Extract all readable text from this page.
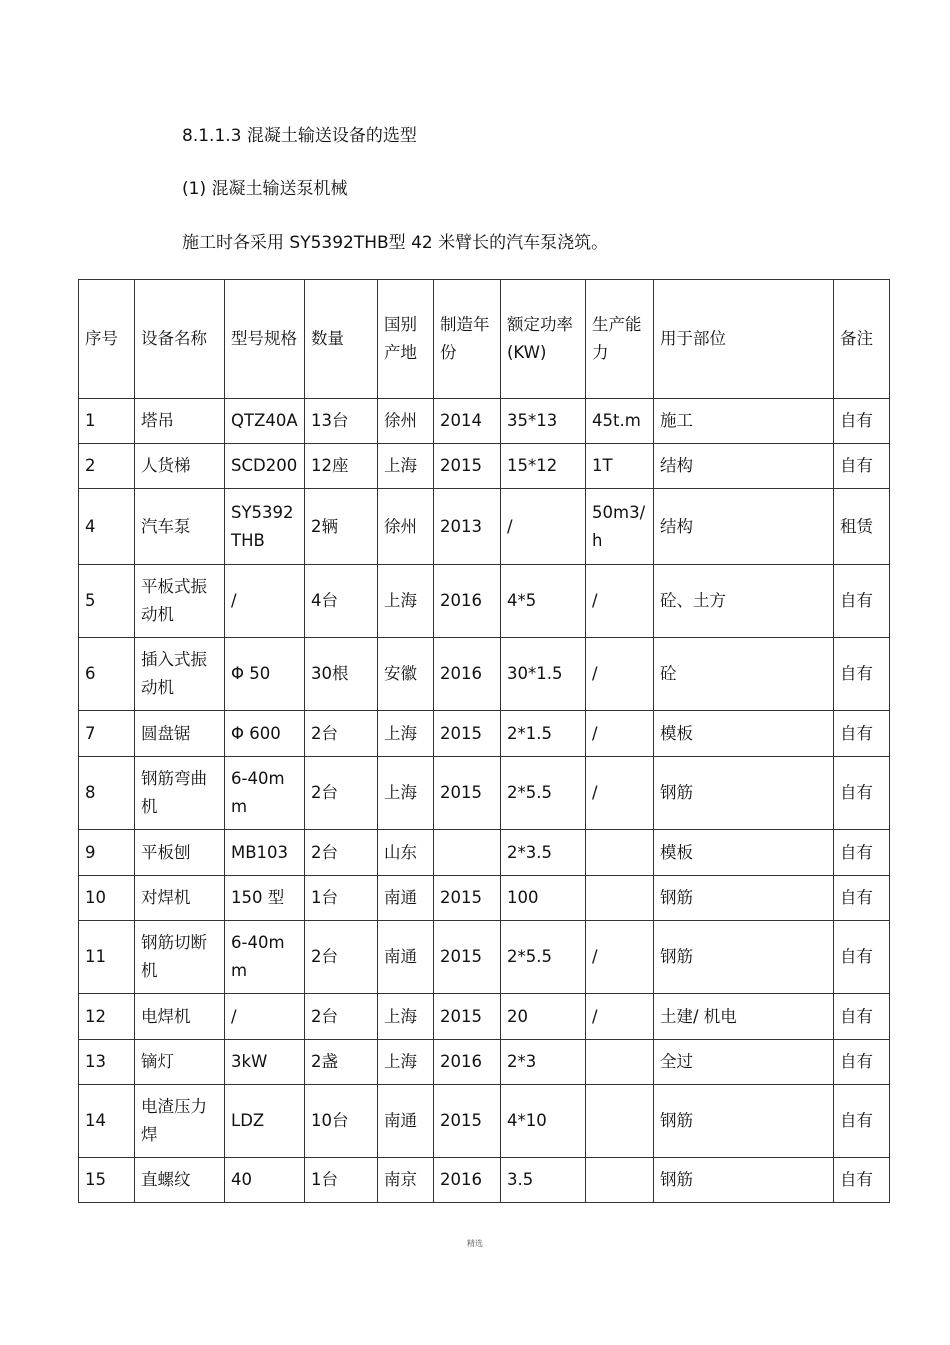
8.1.1.3 混凝土输送设备的选型
(1) 混凝土输送泵机械
施工时各采用 SY5392THB型 42 米臂长的汽车泵浇筑。
序号	设备名称	型号规格	数量	国别产地	制造年份	额定功率(KW)	生产能力	用于部位	备注
1	塔吊	QTZ40A	13台	徐州	2014	35*13	45t.m	施工	自有
2	人货梯	SCD200	12座	上海	2015	15*12	1T	结构	自有
4	汽车泵	SY5392THB	2辆	徐州	2013	/	50m3/h	结构	租赁
5	平板式振动机	/	4台	上海	2016	4*5	/	砼、土方	自有
6	插入式振动机	Φ 50	30根	安徽	2016	30*1.5	/	砼	自有
7	圆盘锯	Φ 600	2台	上海	2015	2*1.5	/	模板	自有
8	钢筋弯曲机	6-40mm	2台	上海	2015	2*5.5	/	钢筋	自有
9	平板刨	MB103	2台	山东		2*3.5		模板	自有
10	对焊机	150 型	1台	南通	2015	100		钢筋	自有
11	钢筋切断机	6-40mm	2台	南通	2015	2*5.5	/	钢筋	自有
12	电焊机	/	2台	上海	2015	20	/	土建/ 机电	自有
13	镝灯	3kW	2盏	上海	2016	2*3		全过	自有
14	电渣压力焊	LDZ	10台	南通	2015	4*10		钢筋	自有
15	直螺纹	40	1台	南京	2016	3.5		钢筋	自有
精选
